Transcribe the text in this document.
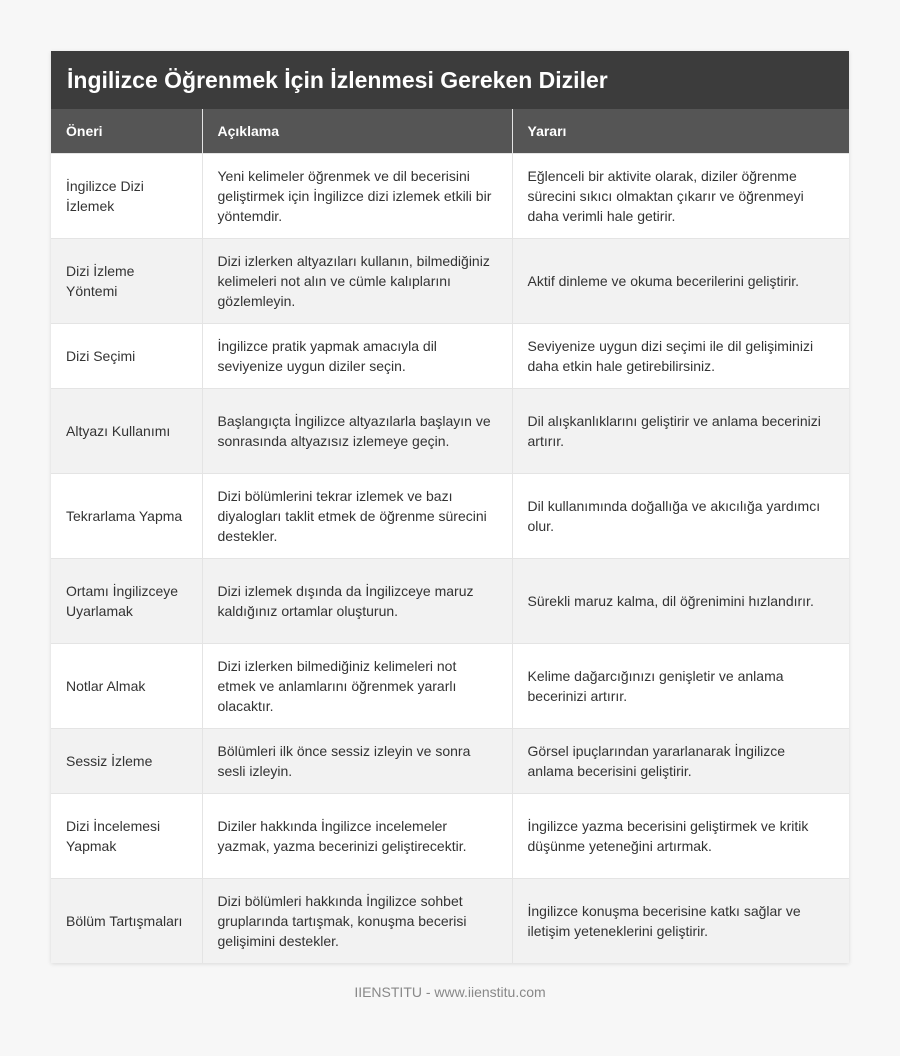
İngilizce Öğrenmek İçin İzlenmesi Gereken Diziler
Öneri	Açıklama	Yararı
İngilizce Dizi İzlemek	Yeni kelimeler öğrenmek ve dil becerisini geliştirmek için İngilizce dizi izlemek etkili bir yöntemdir.	Eğlenceli bir aktivite olarak, diziler öğrenme sürecini sıkıcı olmaktan çıkarır ve öğrenmeyi daha verimli hale getirir.
Dizi İzleme Yöntemi	Dizi izlerken altyazıları kullanın, bilmediğiniz kelimeleri not alın ve cümle kalıplarını gözlemleyin.	Aktif dinleme ve okuma becerilerini geliştirir.
Dizi Seçimi	İngilizce pratik yapmak amacıyla dil seviyenize uygun diziler seçin.	Seviyenize uygun dizi seçimi ile dil gelişiminizi daha etkin hale getirebilirsiniz.
Altyazı Kullanımı	Başlangıçta İngilizce altyazılarla başlayın ve sonrasında altyazısız izlemeye geçin.	Dil alışkanlıklarını geliştirir ve anlama becerinizi artırır.
Tekrarlama Yapma	Dizi bölümlerini tekrar izlemek ve bazı diyalogları taklit etmek de öğrenme sürecini destekler.	Dil kullanımında doğallığa ve akıcılığa yardımcı olur.
Ortamı İngilizceye Uyarlamak	Dizi izlemek dışında da İngilizceye maruz kaldığınız ortamlar oluşturun.	Sürekli maruz kalma, dil öğrenimini hızlandırır.
Notlar Almak	Dizi izlerken bilmediğiniz kelimeleri not etmek ve anlamlarını öğrenmek yararlı olacaktır.	Kelime dağarcığınızı genişletir ve anlama becerinizi artırır.
Sessiz İzleme	Bölümleri ilk önce sessiz izleyin ve sonra sesli izleyin.	Görsel ipuçlarından yararlanarak İngilizce anlama becerisini geliştirir.
Dizi İncelemesi Yapmak	Diziler hakkında İngilizce incelemeler yazmak, yazma becerinizi geliştirecektir.	İngilizce yazma becerisini geliştirmek ve kritik düşünme yeteneğini artırmak.
Bölüm Tartışmaları	Dizi bölümleri hakkında İngilizce sohbet gruplarında tartışmak, konuşma becerisi gelişimini destekler.	İngilizce konuşma becerisine katkı sağlar ve iletişim yeteneklerini geliştirir.
IIENSTITU - www.iienstitu.com
